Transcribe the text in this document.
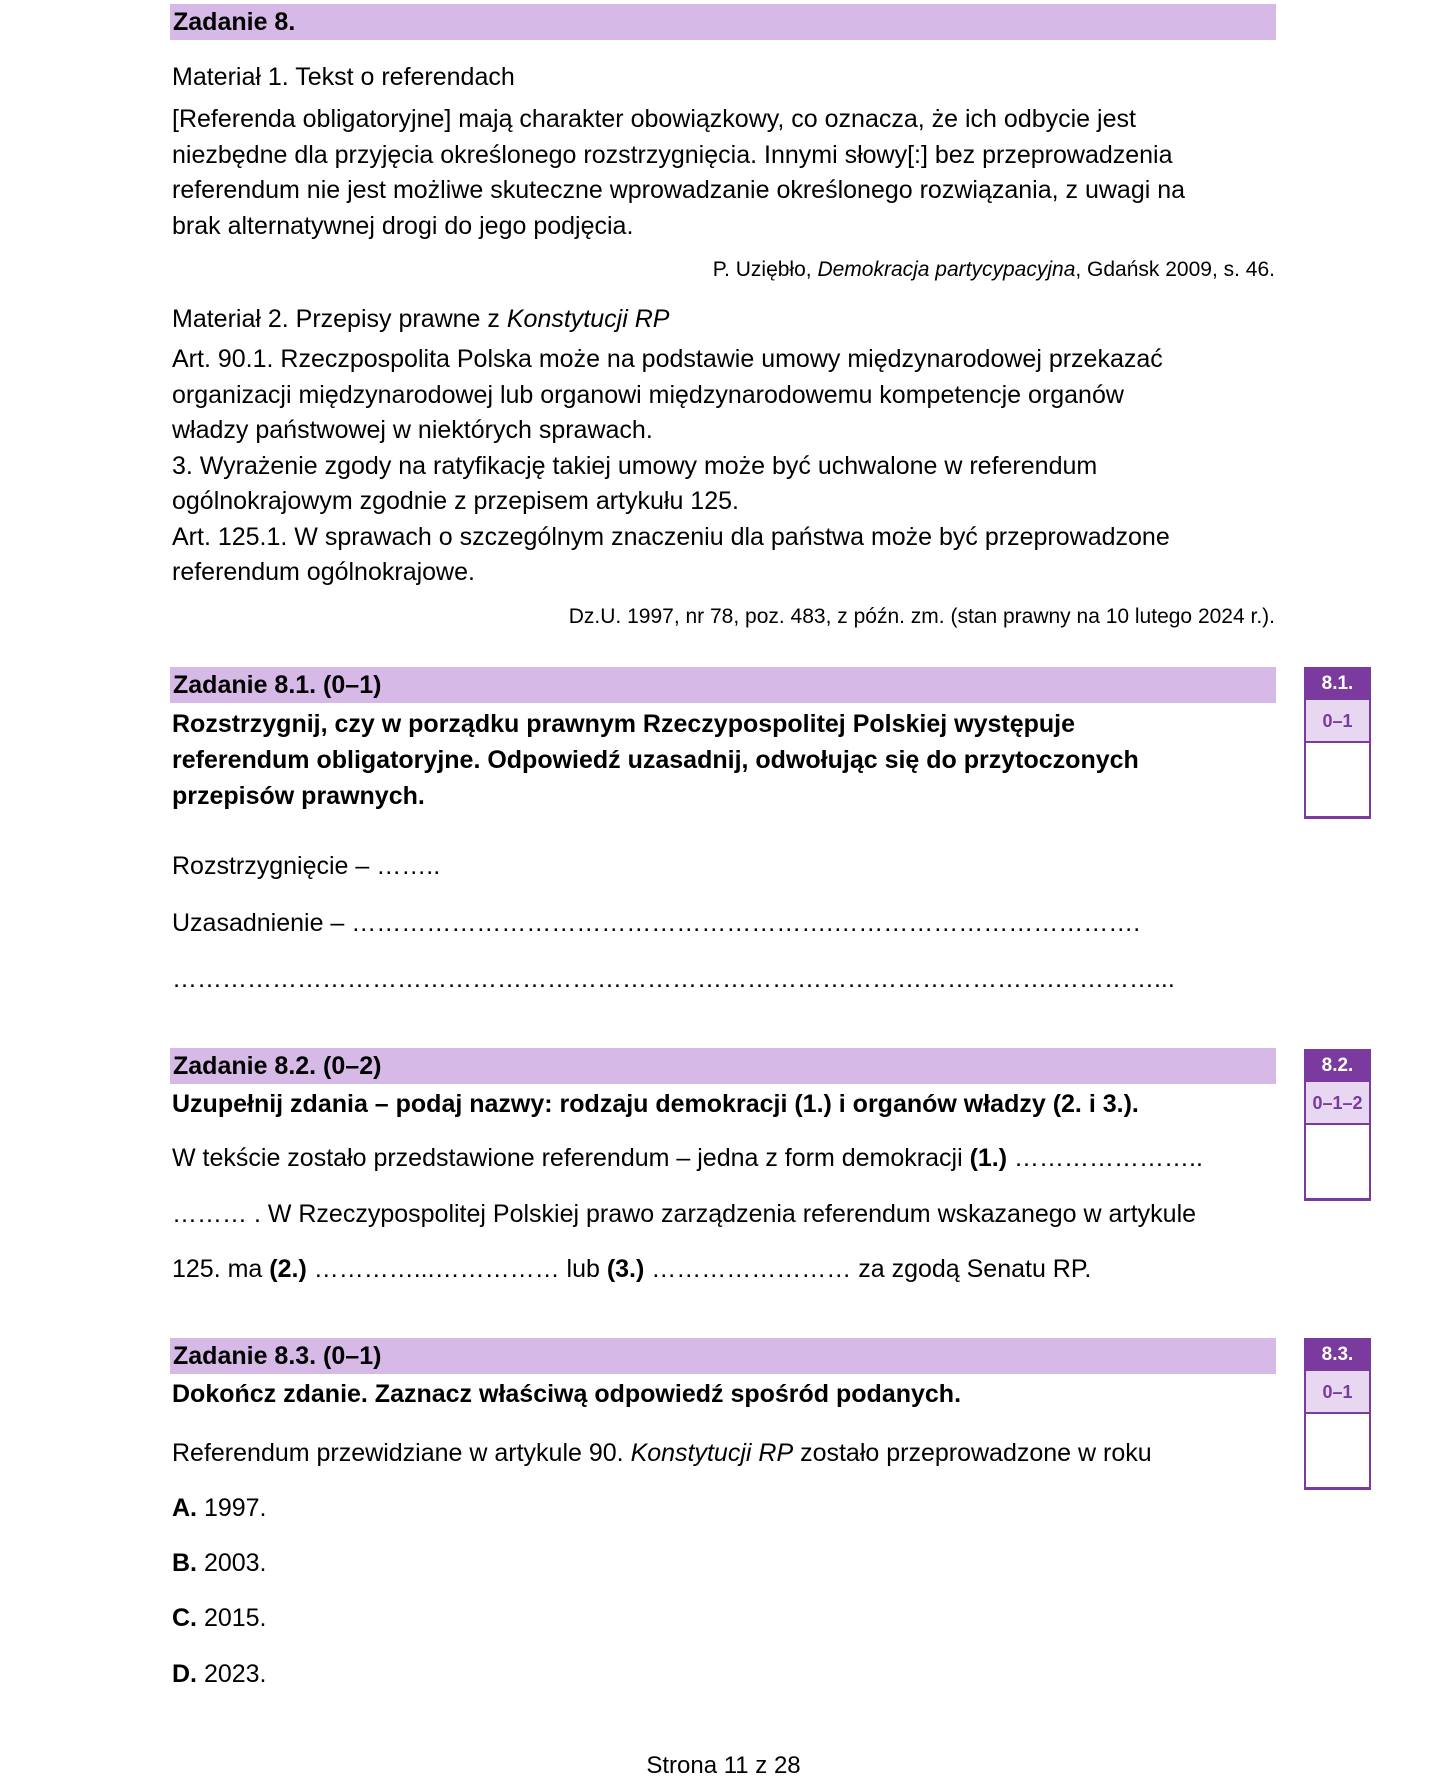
Zadanie 8.
Materiał 1. Tekst o referendach
[Referenda obligatoryjne] mają charakter obowiązkowy, co oznacza, że ich odbycie jest
niezbędne dla przyjęcia określonego rozstrzygnięcia. Innymi słowy[:] bez przeprowadzenia
referendum nie jest możliwe skuteczne wprowadzanie określonego rozwiązania, z uwagi na
brak alternatywnej drogi do jego podjęcia.
P. Uziębło, Demokracja partycypacyjna, Gdańsk 2009, s. 46.
Materiał 2. Przepisy prawne z Konstytucji RP
Art. 90.1. Rzeczpospolita Polska może na podstawie umowy międzynarodowej przekazać
organizacji międzynarodowej lub organowi międzynarodowemu kompetencje organów
władzy państwowej w niektórych sprawach.
3. Wyrażenie zgody na ratyfikację takiej umowy może być uchwalone w referendum
ogólnokrajowym zgodnie z przepisem artykułu 125.
Art. 125.1. W sprawach o szczególnym znaczeniu dla państwa może być przeprowadzone
referendum ogólnokrajowe.
Dz.U. 1997, nr 78, poz. 483, z późn. zm. (stan prawny na 10 lutego 2024 r.).
Zadanie 8.1. (0–1)
Rozstrzygnij, czy w porządku prawnym Rzeczypospolitej Polskiej występuje
referendum obligatoryjne. Odpowiedź uzasadnij, odwołując się do przytoczonych
przepisów prawnych.
Rozstrzygnięcie – ……..
Uzasadnienie – ………………………………………………….……………………………….
…………………………………………………………………………………………….…………...
8.1.
0–1
Zadanie 8.2. (0–2)
Uzupełnij zdania – podaj nazwy: rodzaju demokracji (1.) i organów władzy (2. i 3.).
W tekście zostało przedstawione referendum – jedna z form demokracji (1.) …………………..
……… . W Rzeczypospolitej Polskiej prawo zarządzenia referendum wskazanego w artykule
125. ma (2.) …………...…………… lub (3.) …………………… za zgodą Senatu RP.
8.2.
0–1–2
Zadanie 8.3. (0–1)
Dokończ zdanie. Zaznacz właściwą odpowiedź spośród podanych.
Referendum przewidziane w artykule 90. Konstytucji RP zostało przeprowadzone w roku
A. 1997.
B. 2003.
C. 2015.
D. 2023.
8.3.
0–1
Strona 11 z 28
